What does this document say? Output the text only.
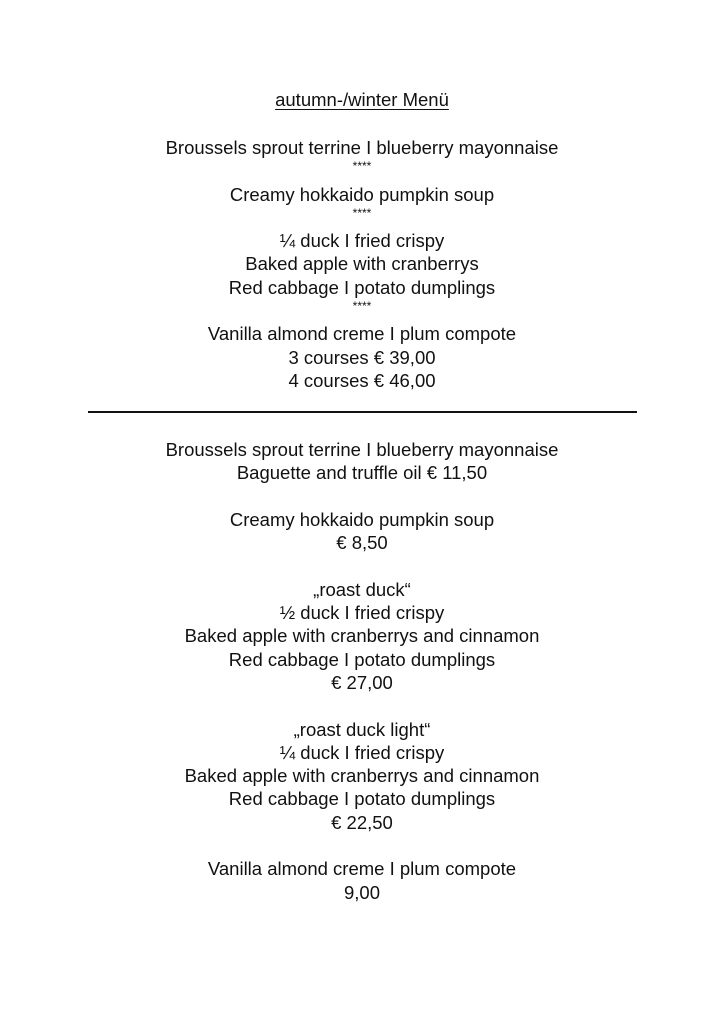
autumn-/winter Menü
Broussels sprout terrine I blueberry mayonnaise
****
Creamy hokkaido pumpkin soup
****
¼ duck I fried crispy
Baked apple with cranberrys
Red cabbage I potato dumplings
****
Vanilla almond creme I plum compote
3 courses € 39,00
4 courses € 46,00
Broussels sprout terrine I blueberry mayonnaise
Baguette and truffle oil € 11,50
Creamy hokkaido pumpkin soup
€ 8,50
„roast duck“
½ duck I fried crispy
Baked apple with cranberrys and cinnamon
Red cabbage I potato dumplings
€ 27,00
„roast duck light“
¼ duck I fried crispy
Baked apple with cranberrys and cinnamon
Red cabbage I potato dumplings
€ 22,50
Vanilla almond creme I plum compote
9,00
